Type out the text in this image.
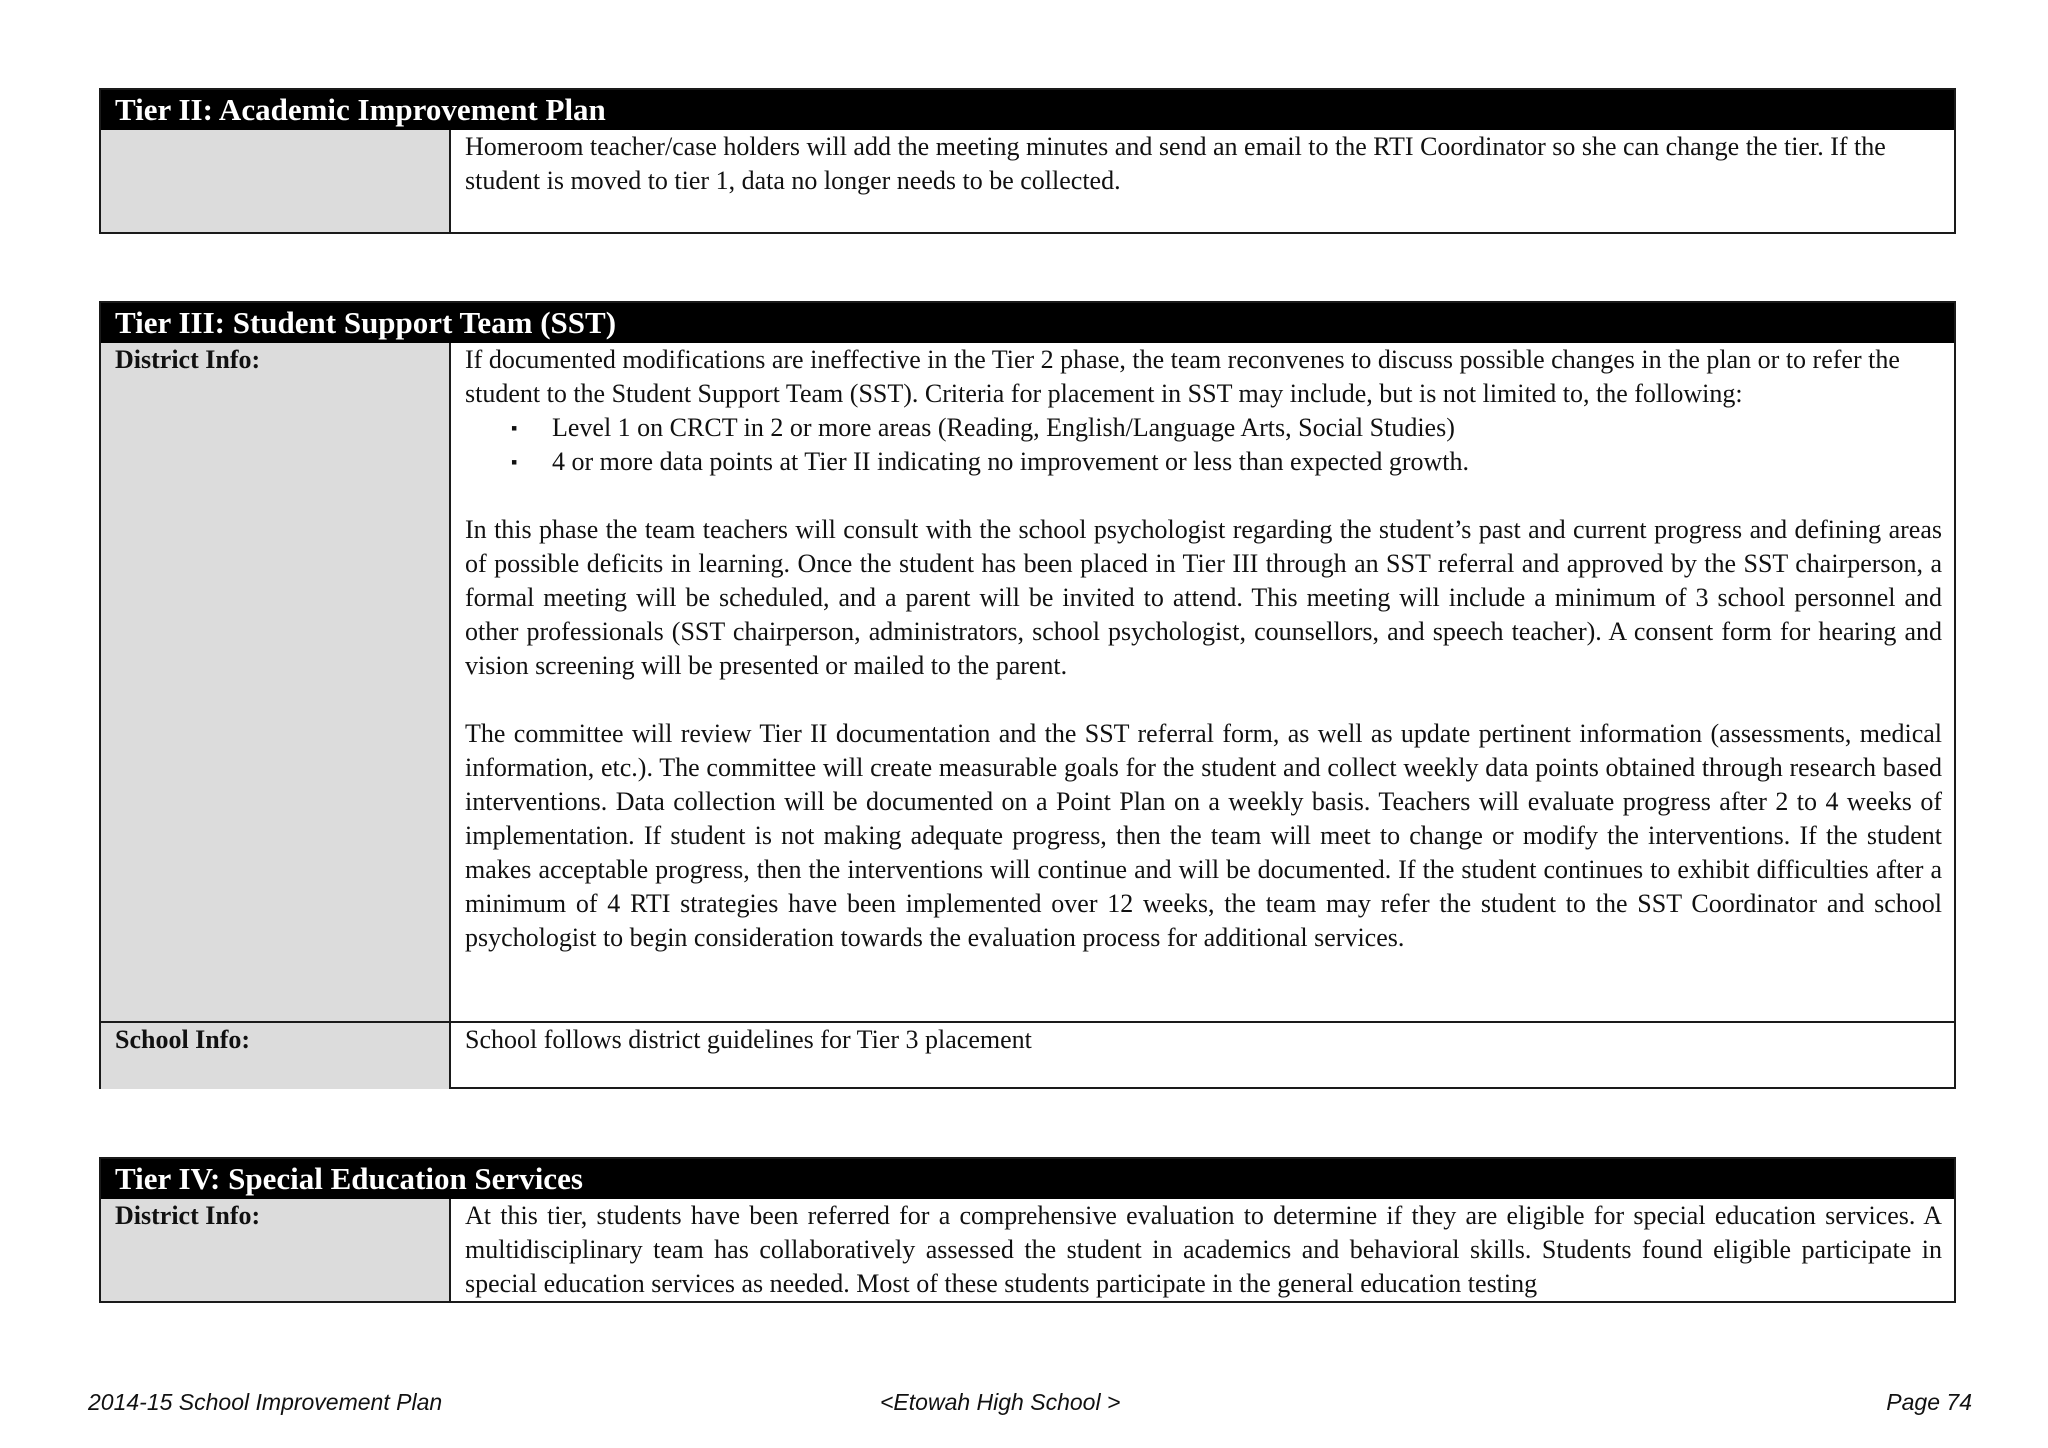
Tier II: Academic Improvement Plan

Homeroom teacher/case holders will add the meeting minutes and send an email to the RTI Coordinator so she can change the tier. If the student is moved to tier 1, data no longer needs to be collected.

Tier III: Student Support Team (SST)
District Info:	If documented modifications are ineffective in the Tier 2 phase, the team reconvenes to discuss possible changes in the plan or to refer the student to the Student Support Team (SST). Criteria for placement in SST may include, but is not limited to, the following:

▪ Level 1 on CRCT in 2 or more areas (Reading, English/Language Arts, Social Studies)
▪ 4 or more data points at Tier II indicating no improvement or less than expected growth.

In this phase the team teachers will consult with the school psychologist regarding the student’s past and current progress and defining areas of possible deficits in learning. Once the student has been placed in Tier III through an SST referral and approved by the SST chairperson, a formal meeting will be scheduled, and a parent will be invited to attend. This meeting will include a minimum of 3 school personnel and other professionals (SST chairperson, administrators, school psychologist, counsellors, and speech teacher). A consent form for hearing and vision screening will be presented or mailed to the parent.

The committee will review Tier II documentation and the SST referral form, as well as update pertinent information (assessments, medical information, etc.). The committee will create measurable goals for the student and collect weekly data points obtained through research based interventions. Data collection will be documented on a Point Plan on a weekly basis. Teachers will evaluate progress after 2 to 4 weeks of implementation. If student is not making adequate progress, then the team will meet to change or modify the interventions. If the student makes acceptable progress, then the interventions will continue and will be documented. If the student continues to exhibit difficulties after a minimum of 4 RTI strategies have been implemented over 12 weeks, the team may refer the student to the SST Coordinator and school psychologist to begin consideration towards the evaluation process for additional services.

School Info:	School follows district guidelines for Tier 3 placement

Tier IV: Special Education Services
District Info:	At this tier, students have been referred for a comprehensive evaluation to determine if they are eligible for special education services. A multidisciplinary team has collaboratively assessed the student in academics and behavioral skills. Students found eligible participate in special education services as needed. Most of these students participate in the general education testing

2014-15 School Improvement Plan	<Etowah High School >	Page 74
